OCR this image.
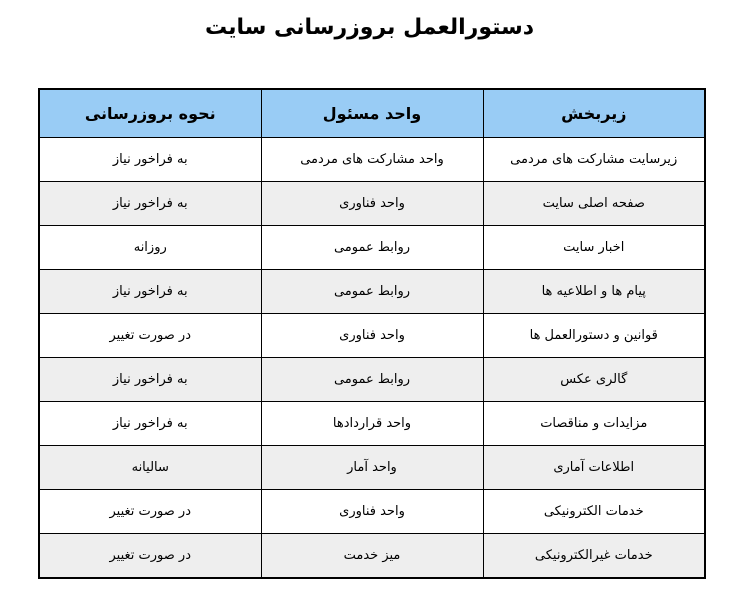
دستورالعمل بروزرسانی سایت
زیربخش	واحد مسئول	نحوه بروزرسانی
زیرسایت مشارکت های مردمی	واحد مشارکت های مردمی	به فراخور نیاز
صفحه اصلی سایت	واحد فناوری	به فراخور نیاز
اخبار سایت	روابط عمومی	روزانه
پیام ها و اطلاعیه ها	روابط عمومی	به فراخور نیاز
قوانین و دستورالعمل ها	واحد فناوری	در صورت تغییر
گالری عکس	روابط عمومی	به فراخور نیاز
مزایدات و مناقصات	واحد قراردادها	به فراخور نیاز
اطلاعات آماری	واحد آمار	سالیانه
خدمات الکترونیکی	واحد فناوری	در صورت تغییر
خدمات غیرالکترونیکی	میز خدمت	در صورت تغییر
